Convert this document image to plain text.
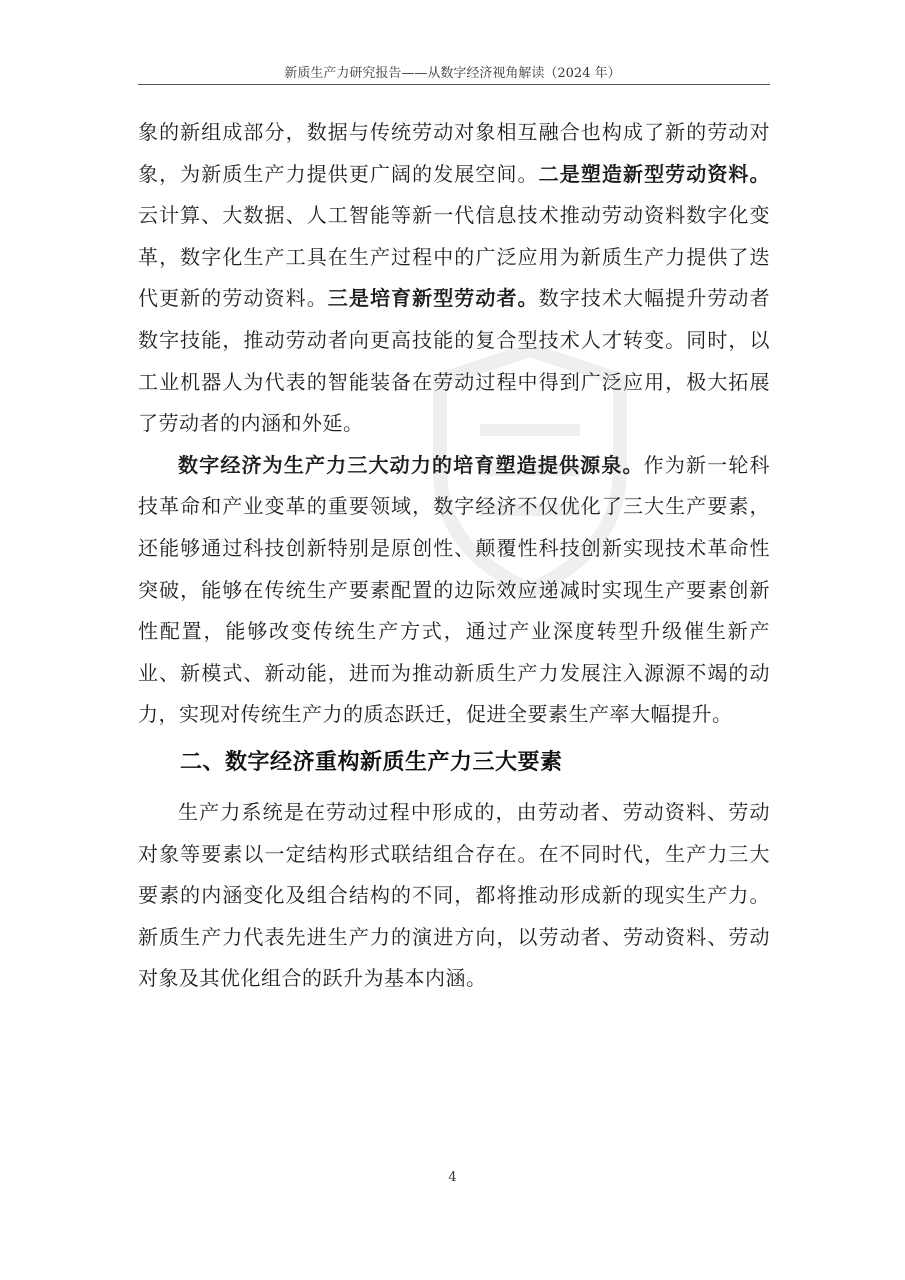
新质生产力研究报告——从数字经济视角解读（2024 年）

象的新组成部分，数据与传统劳动对象相互融合也构成了新的劳动对象，为新质生产力提供更广阔的发展空间。二是塑造新型劳动资料。云计算、大数据、人工智能等新一代信息技术推动劳动资料数字化变革，数字化生产工具在生产过程中的广泛应用为新质生产力提供了迭代更新的劳动资料。三是培育新型劳动者。数字技术大幅提升劳动者数字技能，推动劳动者向更高技能的复合型技术人才转变。同时，以工业机器人为代表的智能装备在劳动过程中得到广泛应用，极大拓展了劳动者的内涵和外延。

数字经济为生产力三大动力的培育塑造提供源泉。作为新一轮科技革命和产业变革的重要领域，数字经济不仅优化了三大生产要素，还能够通过科技创新特别是原创性、颠覆性科技创新实现技术革命性突破，能够在传统生产要素配置的边际效应递减时实现生产要素创新性配置，能够改变传统生产方式，通过产业深度转型升级催生新产业、新模式、新动能，进而为推动新质生产力发展注入源源不竭的动力，实现对传统生产力的质态跃迁，促进全要素生产率大幅提升。

二、数字经济重构新质生产力三大要素

生产力系统是在劳动过程中形成的，由劳动者、劳动资料、劳动对象等要素以一定结构形式联结组合存在。在不同时代，生产力三大要素的内涵变化及组合结构的不同，都将推动形成新的现实生产力。新质生产力代表先进生产力的演进方向，以劳动者、劳动资料、劳动对象及其优化组合的跃升为基本内涵。

4
